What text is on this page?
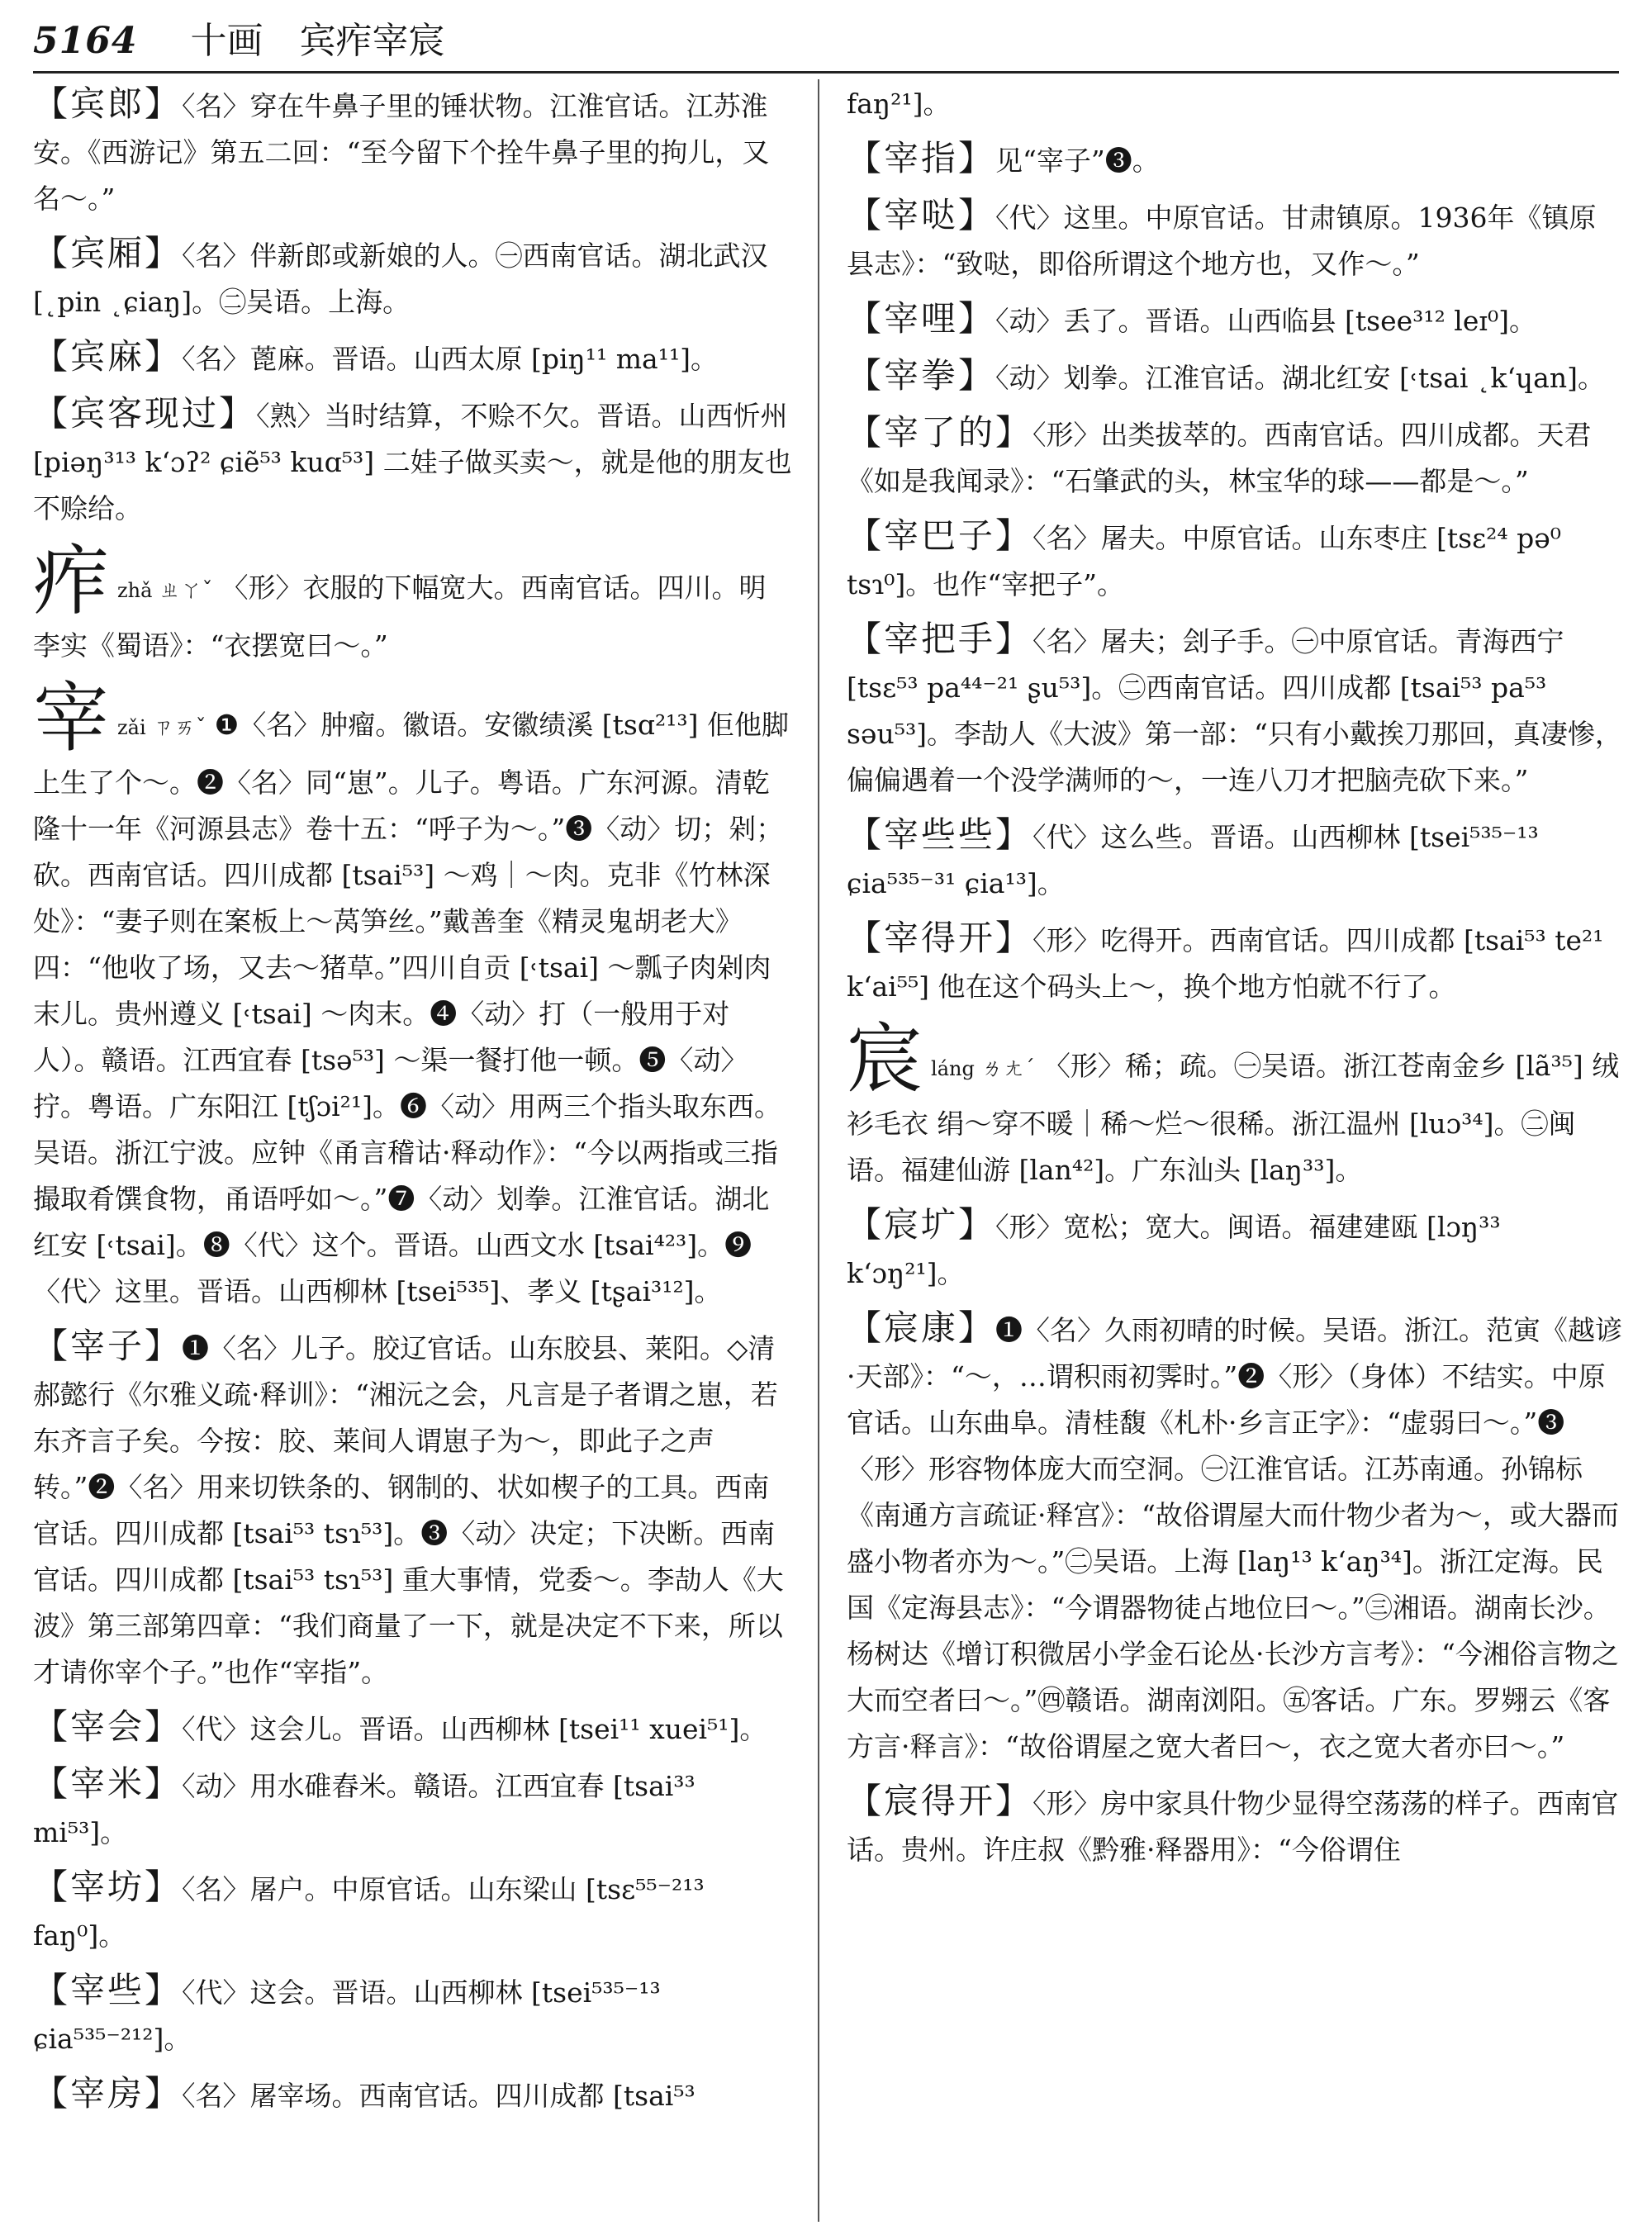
5164 十画 宾痄宰宸

【宾郎】〈名〉穿在牛鼻子里的锤状物。江淮官话。江苏淮安。《西游记》第五二回：“至今留下个拴牛鼻子里的拘儿，又名～。”

【宾厢】〈名〉伴新郎或新娘的人。㊀西南官话。湖北武汉 [˛pin ˛ɕiaŋ]。㊁吴语。上海。

【宾麻】〈名〉蓖麻。晋语。山西太原 [piŋ¹¹ ma¹¹]。

【宾客现过】〈熟〉当时结算，不赊不欠。晋语。山西忻州 [piəŋ³¹³ k‘ɔʔ² ɕiẽ⁵³ kuɑ⁵³] 二娃子做买卖～，就是他的朋友也不赊给。

痄zhǎ ㄓㄚˇ 〈形〉衣服的下幅宽大。西南官话。四川。明李实《蜀语》：“衣摆宽曰～。”

宰zǎi ㄗㄞˇ ❶〈名〉肿瘤。徽语。安徽绩溪 [tsɑ²¹³] 佢他脚上生了个～。❷〈名〉同“崽”。儿子。粤语。广东河源。清乾隆十一年《河源县志》卷十五：“呼子为～。”❸〈动〉切；剁；砍。西南官话。四川成都 [tsai⁵³] ～鸡｜～肉。克非《竹林深处》：“妻子则在案板上～莴笋丝。”戴善奎《精灵鬼胡老大》四：“他收了场，又去～猪草。”四川自贡 [˓tsai] ～瓢子肉剁肉末儿。贵州遵义 [˓tsai] ～肉末。❹〈动〉打（一般用于对人）。赣语。江西宜春 [tsə⁵³] ～渠一餐打他一顿。❺〈动〉拧。粤语。广东阳江 [tʃɔi²¹]。❻〈动〉用两三个指头取东西。吴语。浙江宁波。应钟《甬言稽诂·释动作》：“今以两指或三指撮取肴馔食物，甬语呼如～。”❼〈动〉划拳。江淮官话。湖北红安 [˓tsai]。❽〈代〉这个。晋语。山西文水 [tsai⁴²³]。❾〈代〉这里。晋语。山西柳林 [tsei⁵³⁵]、孝义 [tʂai³¹²]。

【宰子】❶〈名〉儿子。胶辽官话。山东胶县、莱阳。◇清郝懿行《尔雅义疏·释训》：“湘沅之会，凡言是子者谓之崽，若东齐言子矣。今按：胶、莱间人谓崽子为～，即此子之声转。”❷〈名〉用来切铁条的、钢制的、状如楔子的工具。西南官话。四川成都 [tsai⁵³ tsɿ⁵³]。❸〈动〉决定；下决断。西南官话。四川成都 [tsai⁵³ tsɿ⁵³] 重大事情，党委～。李劼人《大波》第三部第四章：“我们商量了一下，就是决定不下来，所以才请你宰个子。”也作“宰指”。

【宰会】〈代〉这会儿。晋语。山西柳林 [tsei¹¹ xuei⁵¹]。

【宰米】〈动〉用水碓舂米。赣语。江西宜春 [tsai³³ mi⁵³]。

【宰坊】〈名〉屠户。中原官话。山东梁山 [tsɛ⁵⁵⁻²¹³ faŋ⁰]。

【宰些】〈代〉这会。晋语。山西柳林 [tsei⁵³⁵⁻¹³ ɕia⁵³⁵⁻²¹²]。

【宰房】〈名〉屠宰场。西南官话。四川成都 [tsai⁵³

faŋ²¹]。

【宰指】见“宰子”❸。

【宰哒】〈代〉这里。中原官话。甘肃镇原。1936年《镇原县志》：“致哒，即俗所谓这个地方也，又作～。”

【宰哩】〈动〉丢了。晋语。山西临县 [tsee³¹² leɪ⁰]。

【宰拳】〈动〉划拳。江淮官话。湖北红安 [˓tsai ˛k‘ɥan]。

【宰了的】〈形〉出类拔萃的。西南官话。四川成都。天君《如是我闻录》：“石肇武的头，林宝华的球——都是～。”

【宰巴子】〈名〉屠夫。中原官话。山东枣庄 [tsɛ²⁴ pə⁰ tsɿ⁰]。也作“宰把子”。

【宰把手】〈名〉屠夫；刽子手。㊀中原官话。青海西宁 [tsɛ⁵³ pa⁴⁴⁻²¹ ʂu⁵³]。㊁西南官话。四川成都 [tsai⁵³ pa⁵³ səu⁵³]。李劼人《大波》第一部：“只有小戴挨刀那回，真凄惨，偏偏遇着一个没学满师的～，一连八刀才把脑壳砍下来。”

【宰些些】〈代〉这么些。晋语。山西柳林 [tsei⁵³⁵⁻¹³ ɕia⁵³⁵⁻³¹ ɕia¹³]。

【宰得开】〈形〉吃得开。西南官话。四川成都 [tsai⁵³ te²¹ k‘ai⁵⁵] 他在这个码头上～，换个地方怕就不行了。

宸láng ㄌㄤˊ 〈形〉稀；疏。㊀吴语。浙江苍南金乡 [lã³⁵] 绒衫毛衣 绢～穿不暖｜稀～烂～很稀。浙江温州 [luɔ³⁴]。㊁闽语。福建仙游 [lan⁴²]。广东汕头 [laŋ³³]。

【宸圹】〈形〉宽松；宽大。闽语。福建建瓯 [lɔŋ³³ k‘ɔŋ²¹]。

【宸康】❶〈名〉久雨初晴的时候。吴语。浙江。范寅《越谚·天部》：“～，…谓积雨初霁时。”❷〈形〉（身体）不结实。中原官话。山东曲阜。清桂馥《札朴·乡言正字》：“虚弱曰～。”❸〈形〉形容物体庞大而空洞。㊀江淮官话。江苏南通。孙锦标《南通方言疏证·释宫》：“故俗谓屋大而什物少者为～，或大器而盛小物者亦为～。”㊁吴语。上海 [laŋ¹³ k‘aŋ³⁴]。浙江定海。民国《定海县志》：“今谓器物徒占地位曰～。”㊂湘语。湖南长沙。杨树达《增订积微居小学金石论丛·长沙方言考》：“今湘俗言物之大而空者曰～。”㊃赣语。湖南浏阳。㊄客话。广东。罗翙云《客方言·释言》：“故俗谓屋之宽大者曰～，衣之宽大者亦曰～。”

【宸得开】〈形〉房中家具什物少显得空荡荡的样子。西南官话。贵州。许庄叔《黔雅·释器用》：“今俗谓住
